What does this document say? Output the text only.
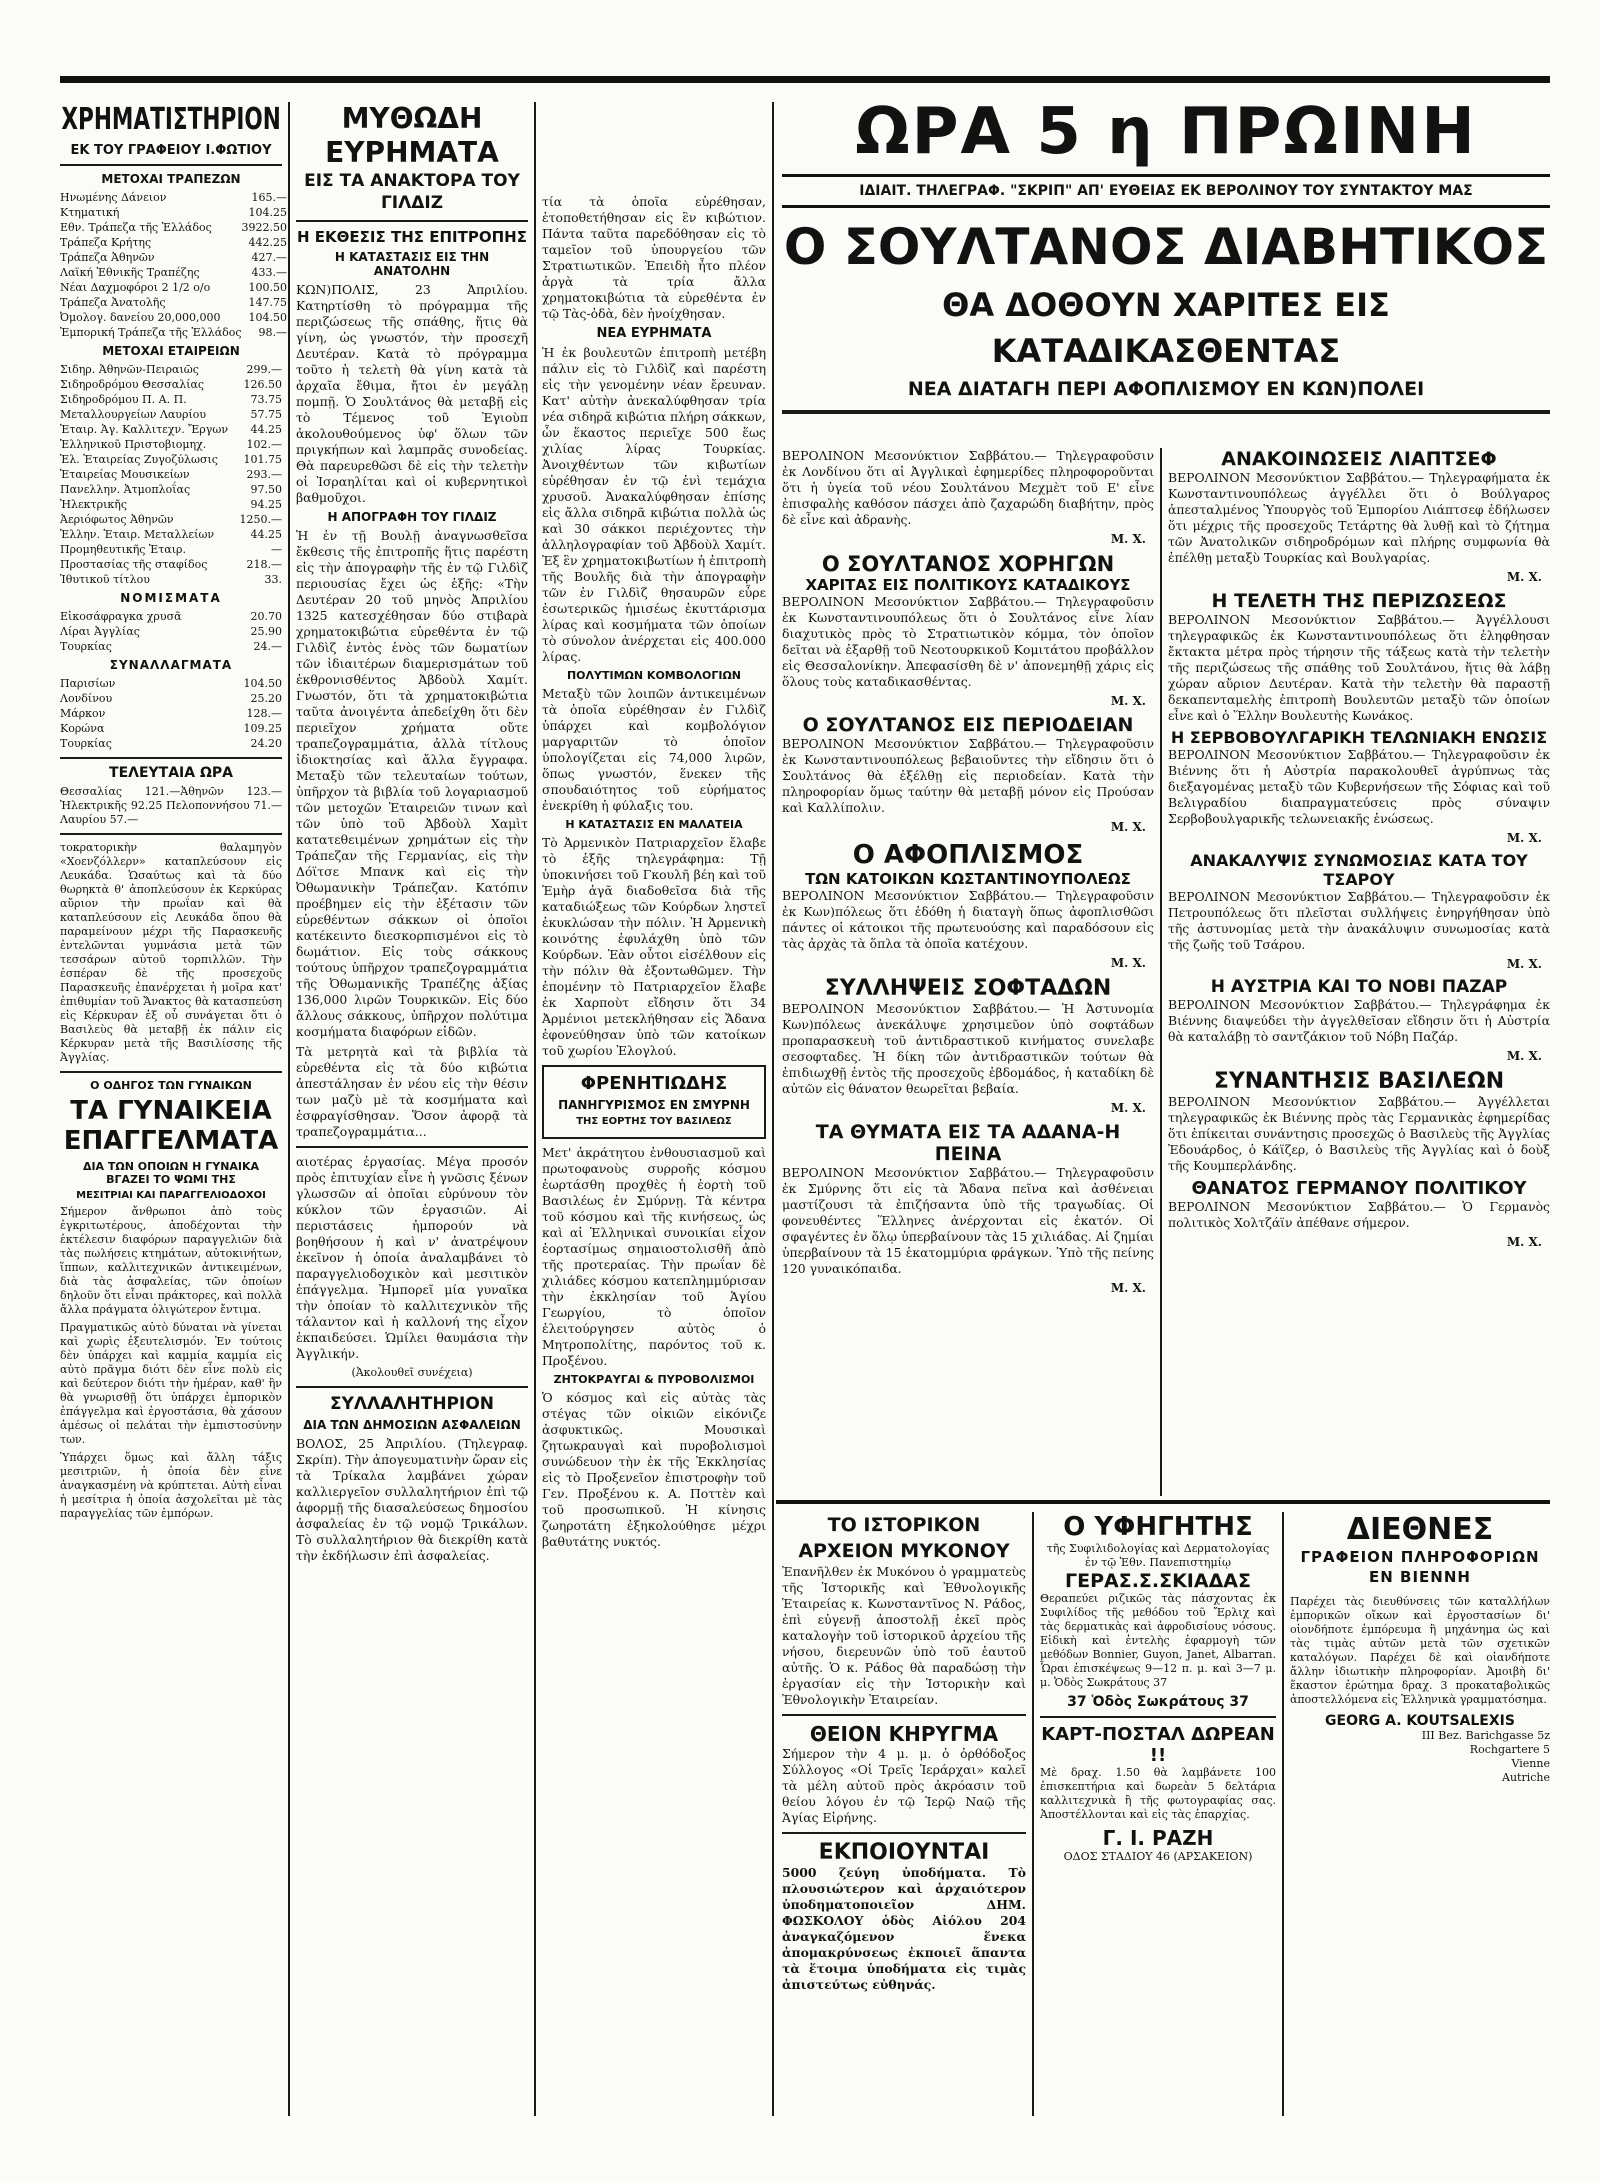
ΧΡΗΜΑΤΙΣΤΗΡΙΟΝ
ΕΚ ΤΟΥ ΓΡΑΦΕΙΟΥ Ι.ΦΩΤΙΟΥ
ΜΕΤΟΧΑΙ ΤΡΑΠΕΖΩΝ
Ηνωμένης Δάνειον	165.—
Κτηματική	104.25
Εθν. Τράπεζα τῆς Ἑλλάδος	3922.50
Τράπεζα Κρήτης	442.25
Τράπεζα Ἀθηνῶν	427.—
Λαϊκή Ἐθνικῆς Τραπέζης	433.—
Νέαι Δαχμοφόροι 2 1/2 ο/ο	100.50
Τράπεζα Ἀνατολῆς	147.75
Ὀμολογ. δανείου 20,000,000	104.50
Ἐμπορική Τράπεζα τῆς Ἑλλάδος	98.—
ΜΕΤΟΧΑΙ ΕΤΑΙΡΕΙΩΝ
Σιδηρ. Ἀθηνῶν-Πειραιῶς	299.—
Σιδηροδρόμου Θεσσαλίας	126.50
Σιδηροδρόμου Π. Α. Π.	73.75
Μεταλλουργείων Λαυρίου	57.75
Ἐταιρ. Ἀγ. Καλλιτεχν. Ἔργων	44.25
Ἑλληνικοῦ Πριστοβιομηχ.	102.—
Ἑλ. Ἑταιρείας Ζυγοζύλωσις	101.75
Ἑταιρείας Μουσικείων	293.—
Πανελλην. Ἀτμοπλοΐας	97.50
Ἠλεκτρικῆς	94.25
Ἀεριόφωτος Ἀθηνῶν	1250.—
Ἑλλην. Ἑταιρ. Μεταλλείων	44.25
Προμηθευτικῆς Ἑταιρ.	—
Προστασίας τῆς σταφίδος	218.—
Ἰθυτικοῦ τίτλου	33.
ΝΟΜΙΣΜΑΤΑ
Εἰκοσάφραγκα χρυσᾶ	20.70
Λίραι Ἀγγλίας	25.90
Τουρκίας	24.—
ΣΥΝΑΛΛΑΓΜΑΤΑ
Παρισίων	104.50
Λονδίνου	25.20
Μάρκον	128.—
Κορώνα	109.25
Τουρκίας	24.20
ΤΕΛΕΥΤΑΙΑ ΩΡΑ

Θεσσαλίας 121.—Ἀθηνῶν 123.—Ἠλεκτρικῆς 92.25 Πελοποννήσου 71.—Λαυρίου 57.—

τοκρατορικὴν θαλαμηγὸν «Χοενζόλλερν» καταπλεύσουν εἰς Λευκάδα. Ὡσαύτως καὶ τὰ δύο θωρηκτὰ θ' ἀποπλεύσουν ἐκ Κερκύρας αὔριον τὴν πρωΐαν καὶ θὰ καταπλεύσουν εἰς Λευκάδα ὅπου θὰ παραμείνουν μέχρι τῆς Παρασκευῆς ἐντελῶνται γυμνάσια μετὰ τῶν τεσσάρων αὐτοῦ τορπιλλῶν. Τὴν ἐσπέραν δὲ τῆς προσεχοῦς Παρασκευῆς ἐπανέρχεται ἡ μοῖρα κατ' ἐπιθυμίαν τοῦ Ἄνακτος θὰ κατασπεύση εἰς Κέρκυραν ἐξ οὗ συνάγεται ὅτι ὁ Βασιλεὺς θὰ μεταβῇ ἐκ πάλιν εἰς Κέρκυραν μετὰ τῆς Βασιλίσσης τῆς Ἀγγλίας.

Ο ΟΔΗΓΟΣ ΤΩΝ ΓΥΝΑΙΚΩΝ
ΤΑ ΓΥΝΑΙΚΕΙΑ ΕΠΑΓΓΕΛΜΑΤΑ
ΔΙΑ ΤΩΝ ΟΠΟΙΩΝ Η ΓΥΝΑΙΚΑ ΒΓΑΖΕΙ ΤΟ ΨΩΜΙ ΤΗΣ
ΜΕΣΙΤΡΙΑΙ ΚΑΙ ΠΑΡΑΓΓΕΛΙΟΔΟΧΟΙ

Σήμερον ἄνθρωποι ἀπὸ τοὺς ἐγκριτωτέρους, ἀποδέχονται τὴν ἐκτέλεσιν διαφόρων παραγγελιῶν διὰ τὰς πωλήσεις κτημάτων, αὐτοκινήτων, ἵππων, καλλιτεχνικῶν ἀντικειμένων, διὰ τὰς ἀσφαλείας, τῶν ὁποίων δηλοῦν ὅτι εἶναι πράκτορες, καὶ πολλὰ ἄλλα πράγματα ὀλιγώτερον ἔντιμα.

Πραγματικῶς αὐτὸ δύναται νὰ γίνεται καὶ χωρὶς ἐξευτελισμόν. Ἐν τούτοις δὲν ὑπάρχει καὶ καμμία καμμία εἰς αὐτὸ πρᾶγμα διότι δὲν εἶνε πολὺ εἰς καὶ δεύτερον διότι τὴν ἡμέραν, καθ' ἣν θὰ γνωρισθῇ ὅτι ὑπάρχει ἐμπορικὸν ἐπάγγελμα καὶ ἐργοστάσια, θὰ χάσουν ἀμέσως οἱ πελάται τὴν ἐμπιστοσύνην των.

Ὑπάρχει ὅμως καὶ ἄλλη τάξις μεσιτριῶν, ἡ ὁποία δὲν εἶνε ἀναγκασμένη νὰ κρύπτεται. Αὐτὴ εἶναι ἡ μεσίτρια ἡ ὁποία ἀσχολεῖται μὲ τὰς παραγγελίας τῶν ἐμπόρων.

ΜΥΘΩΔΗ ΕΥΡΗΜΑΤΑ
ΕΙΣ ΤΑ ΑΝΑΚΤΟΡΑ ΤΟΥ ΓΙΛΔΙΖ
Η ΕΚΘΕΣΙΣ ΤΗΣ ΕΠΙΤΡΟΠΗΣ
Η ΚΑΤΑΣΤΑΣΙΣ ΕΙΣ ΤΗΝ ΑΝΑΤΟΛΗΝ

ΚΩΝ)ΠΟΛΙΣ, 23 Ἀπριλίου. Κατηρτίσθη τὸ πρόγραμμα τῆς περιζώσεως τῆς σπάθης, ἥτις θὰ γίνη, ὡς γνωστόν, τὴν προσεχῆ Δευτέραν. Κατὰ τὸ πρόγραμμα τοῦτο ἡ τελετὴ θὰ γίνη κατὰ τὰ ἀρχαῖα ἔθιμα, ἤτοι ἐν μεγάλῃ πομπῇ. Ὁ Σουλτάνος θὰ μεταβῇ εἰς τὸ Τέμενος τοῦ Ἐγιοὺπ ἀκολουθούμενος ὑφ' ὅλων τῶν πριγκήπων καὶ λαμπρᾶς συνοδείας. Θὰ παρευρεθῶσι δὲ εἰς τὴν τελετὴν οἱ Ἰσραηλίται καὶ οἱ κυβερνητικοὶ βαθμοῦχοι.

Η ΑΠΟΓΡΑΦΗ ΤΟΥ ΓΙΛΔΙΖ

Ἡ ἐν τῇ Βουλῇ ἀναγνωσθεῖσα ἔκθεσις τῆς ἐπιτροπῆς ἥτις παρέστη εἰς τὴν ἀπογραφὴν τῆς ἐν τῷ Γιλδὶζ περιουσίας ἔχει ὡς ἑξῆς: «Τὴν Δευτέραν 20 τοῦ μηνὸς Ἀπριλίου 1325 κατεσχέθησαν δύο στιβαρὰ χρηματοκιβώτια εὑρεθέντα ἐν τῷ Γιλδὶζ ἐντὸς ἑνὸς τῶν δωματίων τῶν ἰδιαιτέρων διαμερισμάτων τοῦ ἐκθρονισθέντος Ἀβδοὺλ Χαμίτ. Γνωστόν, ὅτι τὰ χρηματοκιβώτια ταῦτα ἀνοιγέντα ἀπεδείχθη ὅτι δὲν περιεῖχον χρήματα οὔτε τραπεζογραμμάτια, ἀλλὰ τίτλους ἰδιοκτησίας καὶ ἄλλα ἔγγραφα. Μεταξὺ τῶν τελευταίων τούτων, ὑπῆρχον τὰ βιβλία τοῦ λογαριασμοῦ τῶν μετοχῶν Ἑταιρειῶν τινων καὶ τῶν ὑπὸ τοῦ Ἀβδοὺλ Χαμὶτ κατατεθειμένων χρημάτων εἰς τὴν Τράπεζαν τῆς Γερμανίας, εἰς τὴν Δόϊτσε Μπανκ καὶ εἰς τὴν Ὀθωμανικὴν Τράπεζαν. Κατόπιν προέβημεν εἰς τὴν ἐξέτασιν τῶν εὑρεθέντων σάκκων οἱ ὁποῖοι κατέκειντο διεσκορπισμένοι εἰς τὸ δωμάτιον. Εἰς τοὺς σάκκους τούτους ὑπῆρχον τραπεζογραμμάτια τῆς Ὀθωμανικῆς Τραπέζης ἀξίας 136,000 λιρῶν Τουρκικῶν. Εἰς δύο ἄλλους σάκκους, ὑπῆρχον πολύτιμα κοσμήματα διαφόρων εἰδῶν.

Τὰ μετρητὰ καὶ τὰ βιβλία τὰ εὑρεθέντα εἰς τὰ δύο κιβώτια ἀπεστάλησαν ἐν νέου εἰς τὴν θέσιν των μαζὺ μὲ τὰ κοσμήματα καὶ ἐσφραγίσθησαν. Ὅσον ἀφορᾷ τὰ τραπεζογραμμάτια...

αιοτέρας ἐργασίας. Μέγα προσόν πρὸς ἐπιτυχίαν εἶνε ἡ γνῶσις ξένων γλωσσῶν αἱ ὁποῖαι εὐρύνουν τὸν κύκλον τῶν ἐργασιῶν. Αἱ περιστάσεις ἠμπορούν νὰ βοηθήσουν ἡ καὶ ν' ἀνατρέψουν ἐκεῖνον ἡ ὁποία ἀναλαμβάνει τὸ παραγγελιοδοχικὸν καὶ μεσιτικὸν ἐπάγγελμα. Ἠμπορεῖ μία γυναῖκα τὴν ὁποίαν τὸ καλλιτεχνικὸν τῆς τάλαντον καὶ ἡ καλλονή της εἶχον ἐκπαιδεύσει. Ὡμίλει θαυμάσια τὴν Ἀγγλικήν.

(Ἀκολουθεῖ συνέχεια)
ΣΥΛΛΑΛΗΤΗΡΙΟΝ
ΔΙΑ ΤΩΝ ΔΗΜΟΣΙΩΝ ΑΣΦΑΛΕΙΩΝ

ΒΟΛΟΣ, 25 Ἀπριλίου. (Τηλεγραφ. Σκρίπ). Τὴν ἀπογευματινὴν ὥραν εἰς τὰ Τρίκαλα λαμβάνει χώραν καλλιεργεῖον συλλαλητήριον ἐπὶ τῷ ἀφορμῇ τῆς διασαλεύσεως δημοσίου ἀσφαλείας ἐν τῷ νομῷ Τρικάλων. Τὸ συλλαλητήριον θὰ διεκρίθη κατὰ τὴν ἐκδήλωσιν ἐπὶ ἀσφαλείας.

τία τὰ ὁποῖα εὑρέθησαν, ἐτοποθετήθησαν εἰς ἓν κιβώτιον. Πάντα ταῦτα παρεδόθησαν εἰς τὸ ταμεῖον τοῦ ὑπουργείου τῶν Στρατιωτικῶν. Ἐπειδὴ ἦτο πλέον ἀργὰ τὰ τρία ἄλλα χρηματοκιβώτια τὰ εὑρεθέντα ἐν τῷ Τὰς-ὀδὰ, δὲν ἠνοίχθησαν.

ΝΕΑ ΕΥΡΗΜΑΤΑ

Ἡ ἐκ βουλευτῶν ἐπιτροπὴ μετέβη πάλιν εἰς τὸ Γιλδὶζ καὶ παρέστη εἰς τὴν γενομένην νέαν ἔρευναν. Κατ' αὐτὴν ἀνεκαλύφθησαν τρία νέα σιδηρᾶ κιβώτια πλήρη σάκκων, ὧν ἕκαστος περιεῖχε 500 ἕως χιλίας λίρας Τουρκίας. Ἀνοιχθέντων τῶν κιβωτίων εὑρέθησαν ἐν τῷ ἑνὶ τεμάχια χρυσοῦ. Ἀνακαλύφθησαν ἐπίσης εἰς ἄλλα σιδηρᾶ κιβώτια πολλὰ ὡς καὶ 30 σάκκοι περιέχοντες τὴν ἀλληλογραφίαν τοῦ Ἀβδοὺλ Χαμίτ. Ἐξ ἓν χρηματοκιβωτίων ἡ ἐπιτροπὴ τῆς Βουλῆς διὰ τὴν ἀπογραφὴν τῶν ἐν Γιλδὶζ θησαυρῶν εὗρε ἐσωτερικῶς ἡμισέως ἐκυττάρισμα λίρας καὶ κοσμήματα τῶν ὁποίων τὸ σύνολον ἀνέρχεται εἰς 400.000 λίρας.

ΠΟΛΥΤΙΜΩΝ ΚΟΜΒΟΛΟΓΙΩΝ

Μεταξὺ τῶν λοιπῶν ἀντικειμένων τὰ ὁποῖα εὑρέθησαν ἐν Γιλδὶζ ὑπάρχει καὶ κομβολόγιον μαργαριτῶν τὸ ὁποῖον ὑπολογίζεται εἰς 74,000 λιρῶν, ὅπως γνωστόν, ἕνεκεν τῆς σπουδαιότητος τοῦ εὑρήματος ἐνεκρίθη ἡ φύλαξις του.

Η ΚΑΤΑΣΤΑΣΙΣ ΕΝ ΜΑΛΑΤΕΙΑ

Τὸ Ἀρμενικὸν Πατριαρχεῖον ἔλαβε τὸ ἑξῆς τηλεγράφημα: Τῇ ὑποκινήσει τοῦ Γκουλῆ βέη καὶ τοῦ Ἐμὴρ ἀγᾶ διαδοθεῖσα διὰ τῆς καταδιώξεως τῶν Κούρδων ληστεῖ ἐκυκλώσαν τὴν πόλιν. Ἡ Ἀρμενικὴ κοινότης ἐφυλάχθη ὑπὸ τῶν Κούρδων. Ἐὰν οὗτοι εἰσέλθουν εἰς τὴν πόλιν θὰ ἐξοντωθῶμεν. Τὴν ἐπομένην τὸ Πατριαρχεῖον ἔλαβε ἐκ Χαρποὺτ εἴδησιν ὅτι 34 Ἀρμένιοι μετεκλήθησαν εἰς Ἄδανα ἐφονεύθησαν ὑπὸ τῶν κατοίκων τοῦ χωρίου Ἐλογλού.

ΦΡΕΝΗΤΙΩΔΗΣ
ΠΑΝΗΓΥΡΙΣΜΟΣ ΕΝ ΣΜΥΡΝΗ
ΤΗΣ ΕΟΡΤΗΣ ΤΟΥ ΒΑΣΙΛΕΩΣ

Μετ' ἀκράτητου ἐνθουσιασμοῦ καὶ πρωτοφανοὺς συρροῆς κόσμου ἑωρτάσθη προχθὲς ἡ ἑορτὴ τοῦ Βασιλέως ἐν Σμύρνῃ. Τὰ κέντρα τοῦ κόσμου καὶ τῆς κινήσεως, ὡς καὶ αἱ Ἑλληνικαὶ συνοικίαι εἶχον ἐορτασίμως σημαιοστολισθῆ ἀπὸ τῆς προτεραίας. Τὴν πρωΐαν δὲ χιλιάδες κόσμου κατεπλημμύρισαν τὴν ἐκκλησίαν τοῦ Ἁγίου Γεωργίου, τὸ ὁποῖον ἐλειτούργησεν αὐτὸς ὁ Μητροπολίτης, παρόντος τοῦ κ. Προξένου.

ΖΗΤΟΚΡΑΥΓΑΙ & ΠΥΡΟΒΟΛΙΣΜΟΙ

Ὁ κόσμος καὶ εἰς αὐτὰς τὰς στέγας τῶν οἰκιῶν εἰκόνιζε ἀσφυκτικῶς. Μουσικαὶ ζητωκραυγαὶ καὶ πυροβολισμοὶ συνώδευον τὴν ἐκ τῆς Ἐκκλησίας εἰς τὸ Προξενεῖον ἐπιστροφὴν τοῦ Γεν. Προξένου κ. Α. Ποττὲν καὶ τοῦ προσωπικοῦ. Ἡ κίνησις ζωηροτάτη ἐξηκολούθησε μέχρι βαθυτάτης νυκτός.

ΩΡΑ 5 η ΠΡΩΙΝΗ
ΙΔΙΑΙΤ. ΤΗΛΕΓΡΑΦ. "ΣΚΡΙΠ" ΑΠ' ΕΥΘΕΙΑΣ ΕΚ ΒΕΡΟΛΙΝΟΥ ΤΟΥ ΣΥΝΤΑΚΤΟΥ ΜΑΣ
Ο ΣΟΥΛΤΑΝΟΣ ΔΙΑΒΗΤΙΚΟΣ
ΘΑ ΔΟΘΟΥΝ ΧΑΡΙΤΕΣ ΕΙΣ ΚΑΤΑΔΙΚΑΣΘΕΝΤΑΣ
ΝΕΑ ΔΙΑΤΑΓΗ ΠΕΡΙ ΑΦΟΠΛΙΣΜΟΥ ΕΝ ΚΩΝ)ΠΟΛΕΙ

ΒΕΡΟΛΙΝΟΝ Μεσονύκτιον Σαββάτου.— Τηλεγραφοῦσιν ἐκ Λονδίνου ὅτι αἱ Ἀγγλικαὶ ἐφημερίδες πληροφοροῦνται ὅτι ἡ ὑγεία τοῦ νέου Σουλτάνου Μεχμὲτ τοῦ Ε' εἶνε ἐπισφαλὴς καθόσον πάσχει ἀπὸ ζαχαρώδη διαβήτην, πρὸς δὲ εἶνε καὶ ἀδρανὴς.

Μ. Χ.
Ο ΣΟΥΛΤΑΝΟΣ ΧΟΡΗΓΩΝ
ΧΑΡΙΤΑΣ ΕΙΣ ΠΟΛΙΤΙΚΟΥΣ ΚΑΤΑΔΙΚΟΥΣ

ΒΕΡΟΛΙΝΟΝ Μεσονύκτιον Σαββάτου.— Τηλεγραφοῦσιν ἐκ Κωνσταντινουπόλεως ὅτι ὁ Σουλτάνος εἶνε λίαν διαχυτικὸς πρὸς τὸ Στρατιωτικὸν κόμμα, τὸν ὁποῖον δεῖται νὰ ἐξαρθῇ τοῦ Νεοτουρκικοῦ Κομιτάτου προβάλλον εἰς Θεσσαλονίκην. Ἀπεφασίσθη δὲ ν' ἀπονεμηθῇ χάρις εἰς ὅλους τοὺς καταδικασθέντας.

Μ. Χ.
Ο ΣΟΥΛΤΑΝΟΣ ΕΙΣ ΠΕΡΙΟΔΕΙΑΝ

ΒΕΡΟΛΙΝΟΝ Μεσονύκτιον Σαββάτου.— Τηλεγραφοῦσιν ἐκ Κωνσταντινουπόλεως βεβαιοῦντες τὴν εἴδησιν ὅτι ὁ Σουλτάνος θὰ ἐξέλθῃ εἰς περιοδείαν. Κατὰ τὴν πληροφορίαν ὅμως ταύτην θὰ μεταβῇ μόνον εἰς Προύσαν καὶ Καλλίπολιν.

Μ. Χ.
Ο ΑΦΟΠΛΙΣΜΟΣ
ΤΩΝ ΚΑΤΟΙΚΩΝ ΚΩΣΤΑΝΤΙΝΟΥΠΟΛΕΩΣ

ΒΕΡΟΛΙΝΟΝ Μεσονύκτιον Σαββάτου.— Τηλεγραφοῦσιν ἐκ Κων)πόλεως ὅτι ἐδόθη ἡ διαταγὴ ὅπως ἀφοπλισθῶσι πάντες οἱ κάτοικοι τῆς πρωτευούσης καὶ παραδόσουν εἰς τὰς ἀρχὰς τὰ ὅπλα τὰ ὁποῖα κατέχουν.

Μ. Χ.
ΣΥΛΛΗΨΕΙΣ ΣΟΦΤΑΔΩΝ

ΒΕΡΟΛΙΝΟΝ Μεσονύκτιον Σαββάτου.— Ἡ Ἀστυνομία Κων)πόλεως ἀνεκάλυψε χρησιμεῦον ὑπὸ σοφτάδων προπαρασκευὴ τοῦ ἀντιδραστικοῦ κινήματος συνελαβε σεσοφταδες. Ἡ δίκη τῶν ἀντιδραστικῶν τούτων θὰ ἐπιδιωχθῇ ἐντὸς τῆς προσεχοῦς ἑβδομάδος, ἡ καταδίκη δὲ αὐτῶν εἰς θάνατον θεωρεῖται βεβαία.

Μ. Χ.
ΤΑ ΘΥΜΑΤΑ ΕΙΣ ΤΑ ΑΔΑΝΑ-Η ΠΕΙΝΑ

ΒΕΡΟΛΙΝΟΝ Μεσονύκτιον Σαββάτου.— Τηλεγραφοῦσιν ἐκ Σμύρνης ὅτι εἰς τὰ Ἄδανα πεῖνα καὶ ἀσθένειαι μαστίζουσι τὰ ἐπιζήσαντα ὑπὸ τῆς τραγωδίας. Οἱ φονευθέντες Ἕλληνες ἀνέρχονται εἰς ἑκατόν. Οἱ σφαγέντες ἐν ὅλῳ ὑπερβαίνουν τὰς 15 χιλιάδας. Αἱ ζημίαι ὑπερβαίνουν τὰ 15 ἑκατομμύρια φράγκων. Ὑπὸ τῆς πείνης 120 γυναικόπαιδα.

Μ. Χ.
ΑΝΑΚΟΙΝΩΣΕΙΣ ΛΙΑΠΤΣΕΦ

ΒΕΡΟΛΙΝΟΝ Μεσονύκτιον Σαββάτου.— Τηλεγραφήματα ἐκ Κωνσταντινουπόλεως ἀγγέλλει ὅτι ὁ Βούλγαρος ἀπεσταλμένος Ὑπουργὸς τοῦ Ἐμπορίου Λιάπτσεφ ἐδήλωσεν ὅτι μέχρις τῆς προσεχοῦς Τετάρτης θὰ λυθῇ καὶ τὸ ζήτημα τῶν Ἀνατολικῶν σιδηροδρόμων καὶ πλήρης συμφωνία θὰ ἐπέλθῃ μεταξὺ Τουρκίας καὶ Βουλγαρίας.

Μ. Χ.
Η ΤΕΛΕΤΗ ΤΗΣ ΠΕΡΙΖΩΣΕΩΣ

ΒΕΡΟΛΙΝΟΝ Μεσονύκτιον Σαββάτου.— Ἀγγέλλουσι τηλεγραφικῶς ἐκ Κωνσταντινουπόλεως ὅτι ἐληφθησαν ἔκτακτα μέτρα πρὸς τήρησιν τῆς τάξεως κατὰ τὴν τελετὴν τῆς περιζώσεως τῆς σπάθης τοῦ Σουλτάνου, ἥτις θὰ λάβῃ χώραν αὔριον Δευτέραν. Κατὰ τὴν τελετὴν θὰ παραστῇ δεκαπενταμελὴς ἐπιτροπὴ Βουλευτῶν μεταξὺ τῶν ὁποίων εἶνε καὶ ὁ Ἕλλην Βουλευτὴς Κωνάκος.

Η ΣΕΡΒΟΒΟΥΛΓΑΡΙΚΗ ΤΕΛΩΝΙΑΚΗ ΕΝΩΣΙΣ

ΒΕΡΟΛΙΝΟΝ Μεσονύκτιον Σαββάτου.— Τηλεγραφοῦσιν ἐκ Βιέννης ὅτι ἡ Αὐστρία παρακολουθεῖ ἀγρύπνως τὰς διεξαγομένας μεταξὺ τῶν Κυβερνήσεων τῆς Σόφιας καὶ τοῦ Βελιγραδίου διαπραγματεύσεις πρὸς σύναψιν Σερβοβουλγαρικῆς τελωνειακῆς ἑνώσεως.

Μ. Χ.
ΑΝΑΚΑΛΥΨΙΣ ΣΥΝΩΜΟΣΙΑΣ ΚΑΤΑ ΤΟΥ ΤΣΑΡΟΥ

ΒΕΡΟΛΙΝΟΝ Μεσονύκτιον Σαββάτου.— Τηλεγραφοῦσιν ἐκ Πετρουπόλεως ὅτι πλεῖσται συλλήψεις ἐνηργήθησαν ὑπὸ τῆς ἀστυνομίας μετὰ τὴν ἀνακάλυψιν συνωμοσίας κατὰ τῆς ζωῆς τοῦ Τσάρου.

Μ. Χ.
Η ΑΥΣΤΡΙΑ ΚΑΙ ΤΟ ΝΟΒΙ ΠΑΖΑΡ

ΒΕΡΟΛΙΝΟΝ Μεσονύκτιον Σαββάτου.— Τηλεγράφημα ἐκ Βιέννης διαψεύδει τὴν ἀγγελθεῖσαν εἴδησιν ὅτι ἡ Αὐστρία θὰ καταλάβῃ τὸ σαντζάκιον τοῦ Νόβη Παζάρ.

Μ. Χ.
ΣΥΝΑΝΤΗΣΙΣ ΒΑΣΙΛΕΩΝ

ΒΕΡΟΛΙΝΟΝ Μεσονύκτιον Σαββάτου.— Ἀγγέλλεται τηλεγραφικῶς ἐκ Βιέννης πρὸς τὰς Γερμανικὰς ἐφημερίδας ὅτι ἐπίκειται συνάντησις προσεχῶς ὁ Βασιλεὺς τῆς Ἀγγλίας Ἐδουάρδος, ὁ Κάϊζερ, ὁ Βασιλεὺς τῆς Ἀγγλίας καὶ ὁ δοὺξ τῆς Κουμπερλάνδης.

ΘΑΝΑΤΟΣ ΓΕΡΜΑΝΟΥ ΠΟΛΙΤΙΚΟΥ

ΒΕΡΟΛΙΝΟΝ Μεσονύκτιον Σαββάτου.— Ὁ Γερμανὸς πολιτικὸς Χολτζάϊν ἀπέθανε σήμερον.

Μ. Χ.
ΤΟ ΙΣΤΟΡΙΚΟΝ ΑΡΧΕΙΟΝ ΜΥΚΟΝΟΥ

Ἐπανῆλθεν ἐκ Μυκόνου ὁ γραμματεὺς τῆς Ἱστορικῆς καὶ Ἐθνολογικῆς Ἑταιρείας κ. Κωνσταντῖνος Ν. Ράδος, ἐπὶ εὐγενῇ ἀποστολῇ ἐκεῖ πρὸς καταλογὴν τοῦ ἱστορικοῦ ἀρχείου τῆς νήσου, διερευνῶν ὑπὸ τοῦ ἑαυτοῦ αὐτῆς. Ὁ κ. Ράδος θὰ παραδώσῃ τὴν ἐργασίαν εἰς τὴν Ἱστορικὴν καὶ Ἐθνολογικὴν Ἑταιρείαν.

ΘΕΙΟΝ ΚΗΡΥΓΜΑ

Σήμερον τὴν 4 μ. μ. ὁ ὀρθόδοξος Σύλλογος «Οἱ Τρεῖς Ἱεράρχαι» καλεῖ τὰ μέλη αὐτοῦ πρὸς ἀκρόασιν τοῦ θείου λόγου ἐν τῷ Ἱερῷ Ναῷ τῆς Ἁγίας Εἰρήνης.

ΕΚΠΟΙΟΥΝΤΑΙ

5000 ζεύγη ὑποδήματα. Τὸ πλουσιώτερον καὶ ἀρχαιότερον ὑποδηματοποιεῖον ΔΗΜ. ΦΩΣΚΟΛΟΥ ὁδὸς Αἰόλου 204 ἀναγκαζόμενον ἕνεκα ἀπομακρύνσεως ἐκποιεῖ ἅπαντα τὰ ἕτοιμα ὑποδήματα εἰς τιμὰς ἀπιστεύτως εὐθηνάς.

Ο ΥΦΗΓΗΤΗΣ
τῆς Συφιλιδολογίας καὶ Δερματολογίας ἐν τῷ Ἐθν. Πανεπιστημίῳ
ΓΕΡΑΣ.Σ.ΣΚΙΑΔΑΣ

Θεραπεύει ριζικῶς τὰς πάσχοντας ἐκ Συφιλίδος τῆς μεθόδου τοῦ Ἔρλιχ καὶ τὰς δερματικὰς καὶ ἀφροδισίους νόσους. Εἰδικὴ καὶ ἐντελὴς ἐφαρμογὴ τῶν μεθόδων Bonnier, Guyon, Janet, Albarran. Ὧραι ἐπισκέψεως 9—12 π. μ. καὶ 3—7 μ. μ. Ὁδὸς Σωκράτους 37

37 Ὁδὸς Σωκράτους 37
ΚΑΡΤ-ΠΟΣΤΑΛ ΔΩΡΕΑΝ !!

Μὲ δραχ. 1.50 θὰ λαμβάνετε 100 ἐπισκεπτήρια καὶ δωρεὰν 5 δελτάρια καλλιτεχνικὰ ἢ τῆς φωτογραφίας σας. Ἀποστέλλονται καὶ εἰς τὰς ἐπαρχίας.

Γ. Ι. ΡΑΖΗ
ΟΔΟΣ ΣΤΑΔΙΟΥ 46 (ΑΡΣΑΚΕΙΟΝ)
ΔΙΕΘΝΕΣ
ΓΡΑΦΕΙΟΝ ΠΛΗΡΟΦΟΡΙΩΝ ΕΝ ΒΙΕΝΝΗ

Παρέχει τὰς διευθύνσεις τῶν καταλλήλων ἐμπορικῶν οἴκων καὶ ἐργοστασίων δι' οἱονδήποτε ἐμπόρευμα ἢ μηχάνημα ὡς καὶ τὰς τιμὰς αὐτῶν μετὰ τῶν σχετικῶν καταλόγων. Παρέχει δὲ καὶ οἱανδήποτε ἄλλην ἰδιωτικὴν πληροφορίαν. Ἀμοιβὴ δι' ἕκαστον ἐρώτημα δραχ. 3 προκαταβολικῶς ἀποστελλόμενα εἰς Ἑλληνικὰ γραμματόσημα.

GEORG A. KOUTSALEXIS
III Bez. Barichgasse 5z
Rochgartere 5
Vienne
Autriche
